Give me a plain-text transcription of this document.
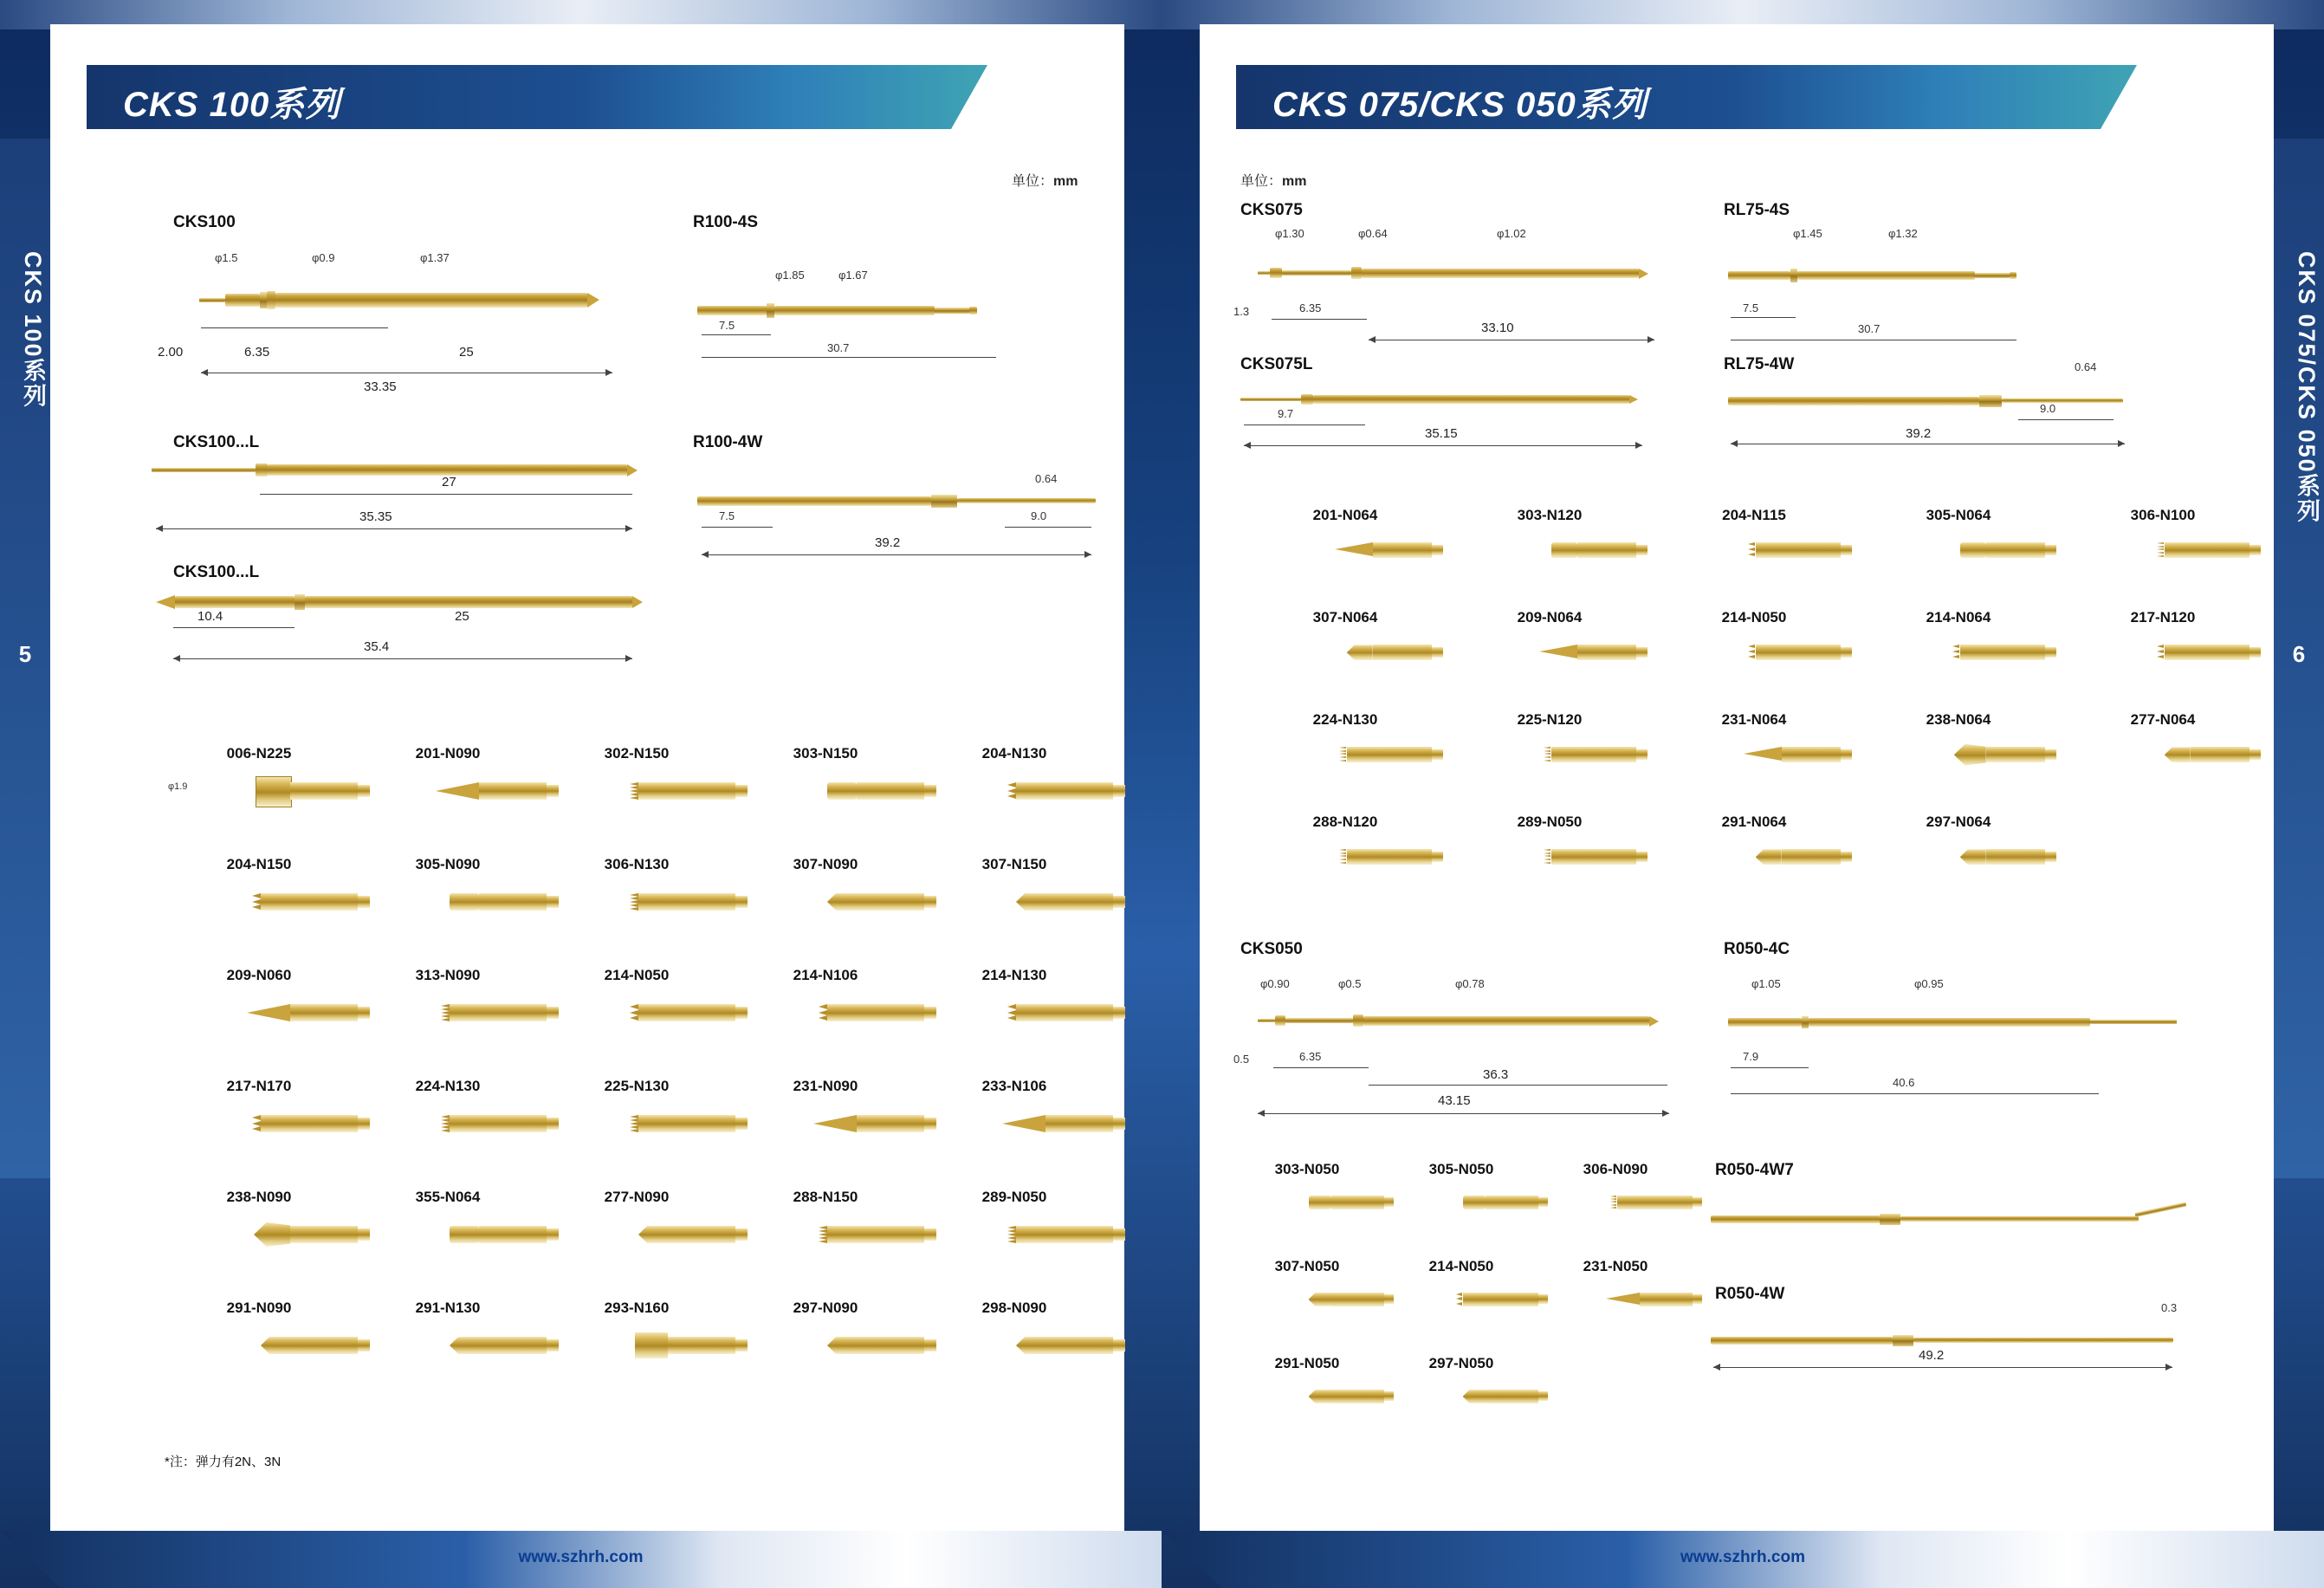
CKS 100系列
5
CKS 075/CKS 050系列
6
CKS 100系列	CKS 075/CKS 050系列
单位：mm
CKS100
φ1.5	φ0.9	φ1.37
2.00	6.35	25
33.35
R100-4S
φ1.85	φ1.67
7.5
30.7
CKS100...L
27
35.35
R100-4W
0.64
7.5	9.0
39.2
CKS100...L
10.4	25
35.4
006-N225	201-N090	302-N150	303-N150	204-N130
204-N150	305-N090	306-N130	307-N090	307-N150
209-N060	313-N090	214-N050	214-N106	214-N130
217-N170	224-N130	225-N130	231-N090	233-N106
238-N090	355-N064	277-N090	288-N150	289-N050
291-N090	291-N130	293-N160	297-N090	298-N090
φ1.9
*注：弹力有2N、3N
单位：mm
CKS075
φ1.30	φ0.64	φ1.02
1.3	6.35
33.10
RL75-4S
φ1.45	φ1.32
7.5
30.7
CKS075L
9.7
35.15
RL75-4W	0.64
9.0
39.2
201-N064	303-N120	204-N115	305-N064	306-N100
307-N064	209-N064	214-N050	214-N064	217-N120
224-N130	225-N120	231-N064	238-N064	277-N064
288-N120	289-N050	291-N064	297-N064
CKS050
φ0.90	φ0.5	φ0.78
0.5	6.35
36.3
43.15
R050-4C
φ1.05	φ0.95
7.9
40.6
R050-4W7
R050-4W
0.3
49.2
303-N050	305-N050	306-N090
307-N050	214-N050	231-N050
291-N050	297-N050
www.szhrh.com	www.szhrh.com
